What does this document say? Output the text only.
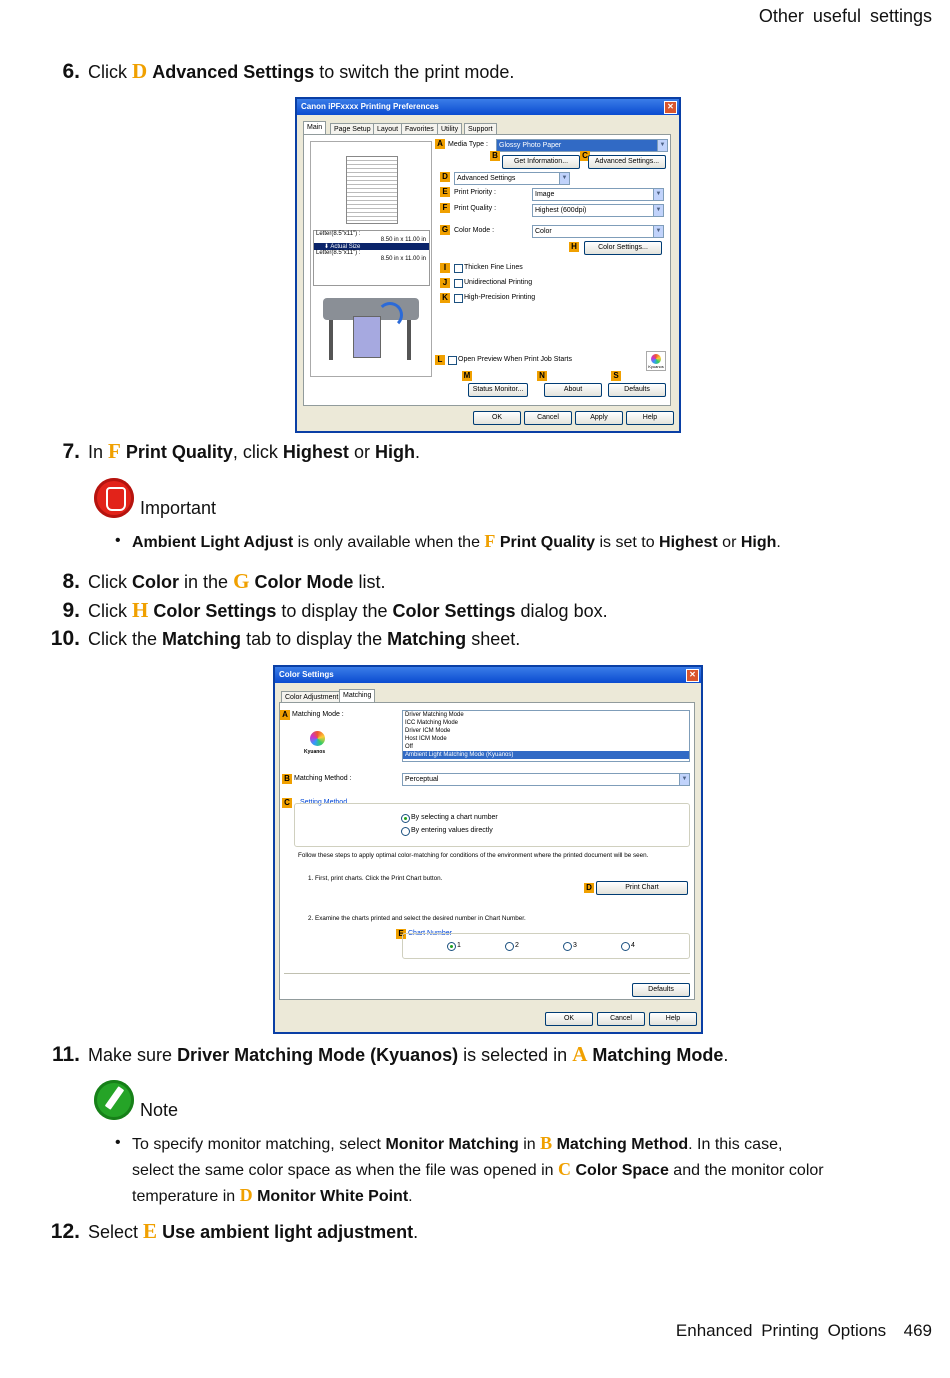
Other useful settings
6. Click D Advanced Settings to switch the print mode.
Canon iPFxxxx Printing Preferences	✕
Main	Page Setup Layout Favorites	Utility	Support
Letter(8.5"x11") :
8.50 in x 11.00 in
⬇ Actual Size
Letter(8.5"x11") :
8.50 in x 11.00 in
A Media Type :	Glossy Photo Paper	▼
B
Get Information...
C
Advanced Settings...
D	Advanced Settings	▼
E Print Priority :	Image	▼
F Print Quality :	Highest (600dpi)	▼
G Color Mode :	Color	▼
H	Color Settings...
I	Thicken Fine Lines
J	Unidirectional Printing
K	High-Precision Printing
L	Open Preview When Print Job Starts
Kyuanos
M	N	S
Status Monitor...	About	Defaults
OK	Cancel	Apply	Help
7. In F Print Quality, click Highest or High.
Important
• Ambient Light Adjust is only available when the F Print Quality is set to Highest or High.
8. Click Color in the G Color Mode list.
9. Click H Color Settings to display the Color Settings dialog box.
10. Click the Matching tab to display the Matching sheet.
Color Settings	✕
Color Adjustment Matching
A Matching Mode :	Driver Matching Mode
ICC Matching Mode
Driver ICM Mode
Host ICM Mode
Off
Ambient Light Matching Mode (Kyuanos)
Kyuanos
B Matching Method :	Perceptual	▼
C	Setting Method
By selecting a chart number
By entering values directly
Follow these steps to apply optimal color-matching for conditions of the environment where the printed document will be seen.
1. First, print charts. Click the Print Chart button.
D	Print Chart
2. Examine the charts printed and select the desired number in Chart Number.
E Chart Number
1	2	3	4
Defaults
OK	Cancel	Help
11. Make sure Driver Matching Mode (Kyuanos) is selected in A Matching Mode.
Note
• To specify monitor matching, select Monitor Matching in B Matching Method. In this case,
select the same color space as when the file was opened in C Color Space and the monitor color
temperature in D Monitor White Point.
12. Select E Use ambient light adjustment.
Enhanced Printing Options 469
